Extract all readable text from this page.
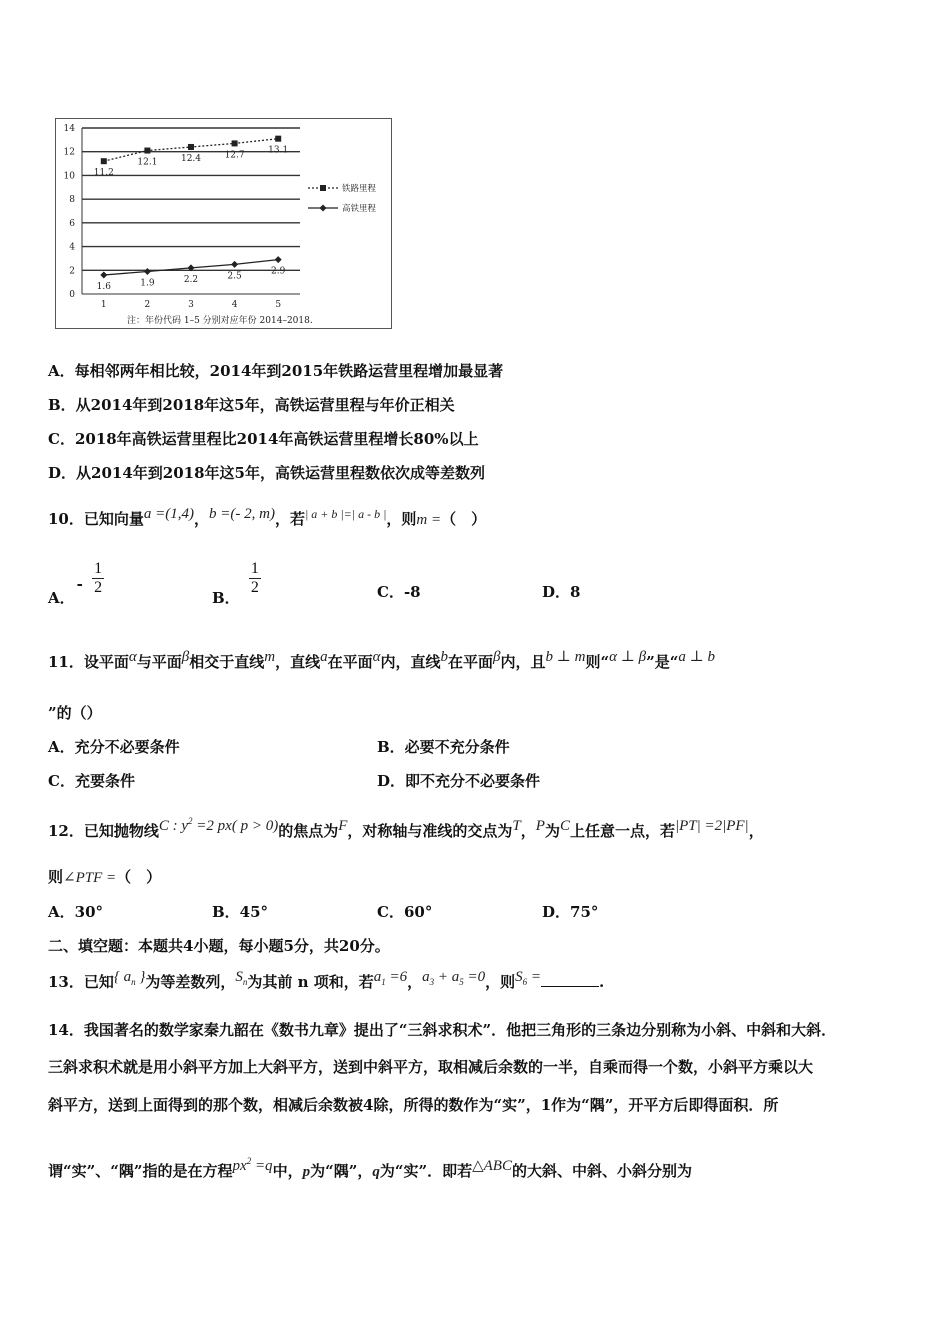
0
2
4
6
8
10
12
14
1	2	3	4	5
11.2
12.1	12.4	12.7	13.1
1.6	1.9	2.2	2.5	2.9
铁路里程
高铁里程
注：年份代码 1–5 分别对应年份 2014–2018.
A．每相邻两年相比较，2014年到2015年铁路运营里程增加最显著
B．从2014年到2018年这5年，高铁运营里程与年价正相关
C．2018年高铁运营里程比2014年高铁运营里程增长80%以上
D．从2014年到2018年这5年，高铁运营里程数依次成等差数列
10．已知向量a =(1,4)，b =(- 2, m)，若$^{| a + b |=| a - b |}$，则m =（　）
A．- $\frac{1}{2}$
B．
$\frac{1}{2}$	C．-8	D．8
11．设平面α与平面β相交于直线m，直线a在平面α内，直线b在平面β内，且b ⊥ m则“α ⊥ β”是“a ⊥ b
”的（）
A．充分不必要条件	B．必要不充分条件
C．充要条件	D．即不充分不必要条件
12．已知抛物线C : $y^2 =2$ px( p > 0)的焦点为F，对称轴与准线的交点为T，P为C上任意一点，若|PT| =2|PF|，
则∠PTF =（　）
A．30°	B．45°	C．60°	D．75°
二、填空题：本题共4小题，每小题5分，共20分。
13．已知{ $a_n$ }为等差数列，$S_n$为其前 n 项和，若$a_1 =6$，$a_3 + a_5 =0$，则$S_6$ =	.
14．我国著名的数学家秦九韶在《数书九章》提出了“三斜求积术”．他把三角形的三条边分别称为小斜、中斜和大斜．
三斜求积术就是用小斜平方加上大斜平方，送到中斜平方，取相减后余数的一半，自乘而得一个数，小斜平方乘以大
斜平方，送到上面得到的那个数，相减后余数被4除，所得的数作为“实”，1作为“隅”，开平方后即得面积．所
谓“实”、“隅”指的是在方程$px^2 =q$中，p为“隅”，q为“实”．即若△ABC的大斜、中斜、小斜分别为
